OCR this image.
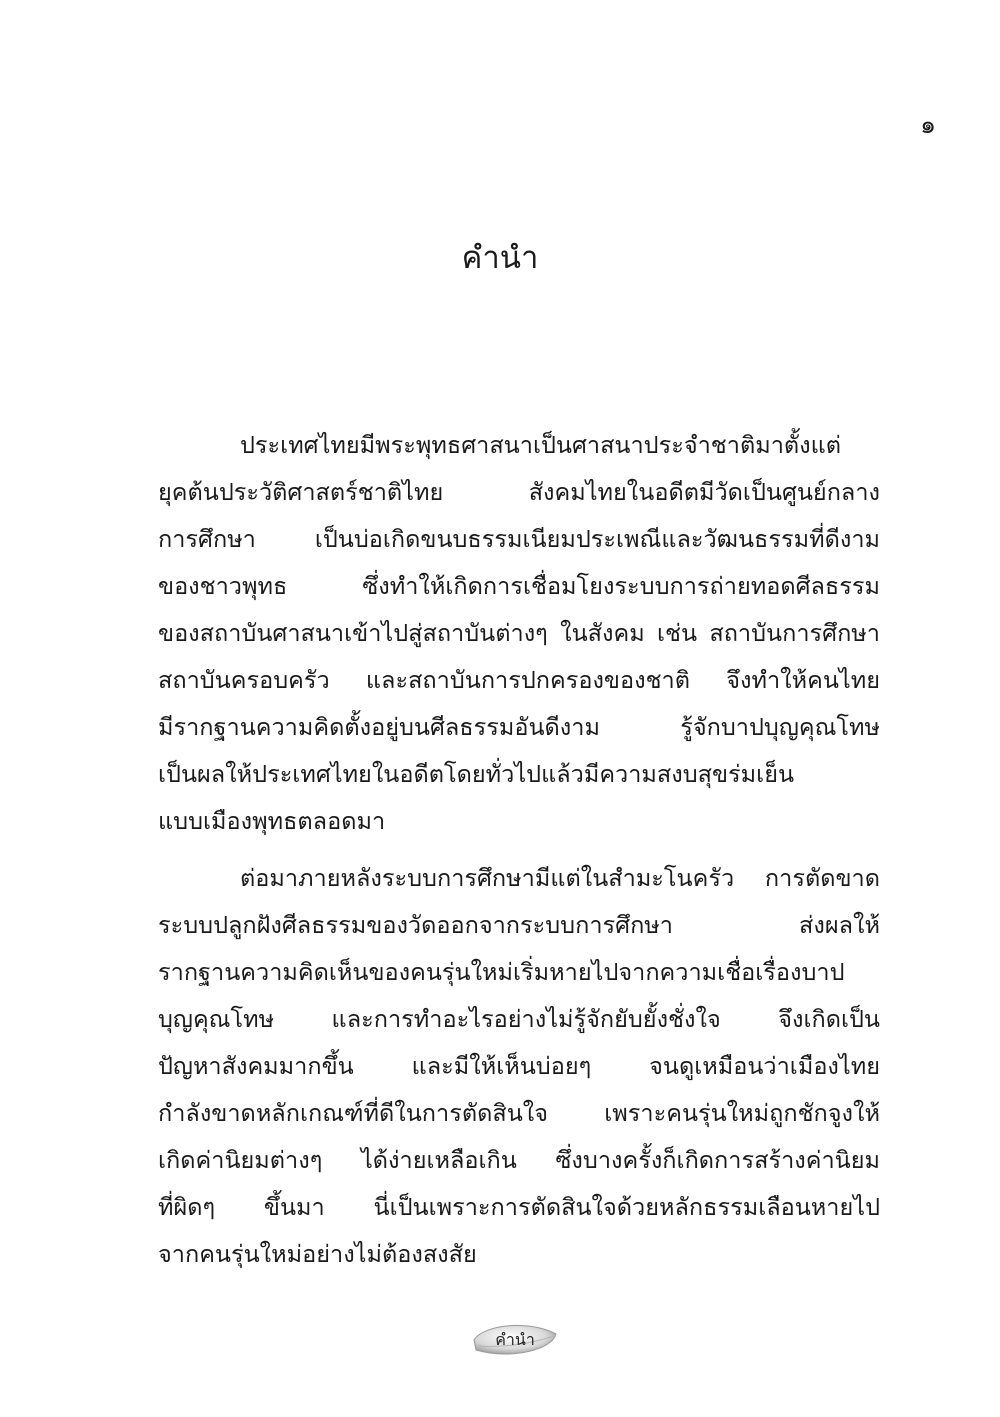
๑
คำนำ
ประเทศไทยมีพระพุทธศาสนาเป็นศาสนาประจำชาติมาตั้งแต่
ยุคต้นประวัติศาสตร์ชาติไทย สังคมไทยในอดีตมีวัดเป็นศูนย์กลาง
การศึกษา เป็นบ่อเกิดขนบธรรมเนียมประเพณีและวัฒนธรรมที่ดีงาม
ของชาวพุทธ ซึ่งทำให้เกิดการเชื่อมโยงระบบการถ่ายทอดศีลธรรม
ของสถาบันศาสนาเข้าไปสู่สถาบันต่างๆ ในสังคม เช่น สถาบันการศึกษา
สถาบันครอบครัว และสถาบันการปกครองของชาติ จึงทำให้คนไทย
มีรากฐานความคิดตั้งอยู่บนศีลธรรมอันดีงาม รู้จักบาปบุญคุณโทษ
เป็นผลให้ประเทศไทยในอดีตโดยทั่วไปแล้วมีความสงบสุขร่มเย็น
แบบเมืองพุทธตลอดมา
ต่อมาภายหลังระบบการศึกษามีแต่ในสำมะโนครัว การตัดขาด
ระบบปลูกฝังศีลธรรมของวัดออกจากระบบการศึกษา ส่งผลให้
รากฐานความคิดเห็นของคนรุ่นใหม่เริ่มหายไปจากความเชื่อเรื่องบาป
บุญคุณโทษ และการทำอะไรอย่างไม่รู้จักยับยั้งชั่งใจ จึงเกิดเป็น
ปัญหาสังคมมากขึ้น และมีให้เห็นบ่อยๆ จนดูเหมือนว่าเมืองไทย
กำลังขาดหลักเกณฑ์ที่ดีในการตัดสินใจ เพราะคนรุ่นใหม่ถูกชักจูงให้
เกิดค่านิยมต่างๆ ได้ง่ายเหลือเกิน ซึ่งบางครั้งก็เกิดการสร้างค่านิยม
ที่ผิดๆ ขึ้นมา นี่เป็นเพราะการตัดสินใจด้วยหลักธรรมเลือนหายไป
จากคนรุ่นใหม่อย่างไม่ต้องสงสัย
คำนำ
